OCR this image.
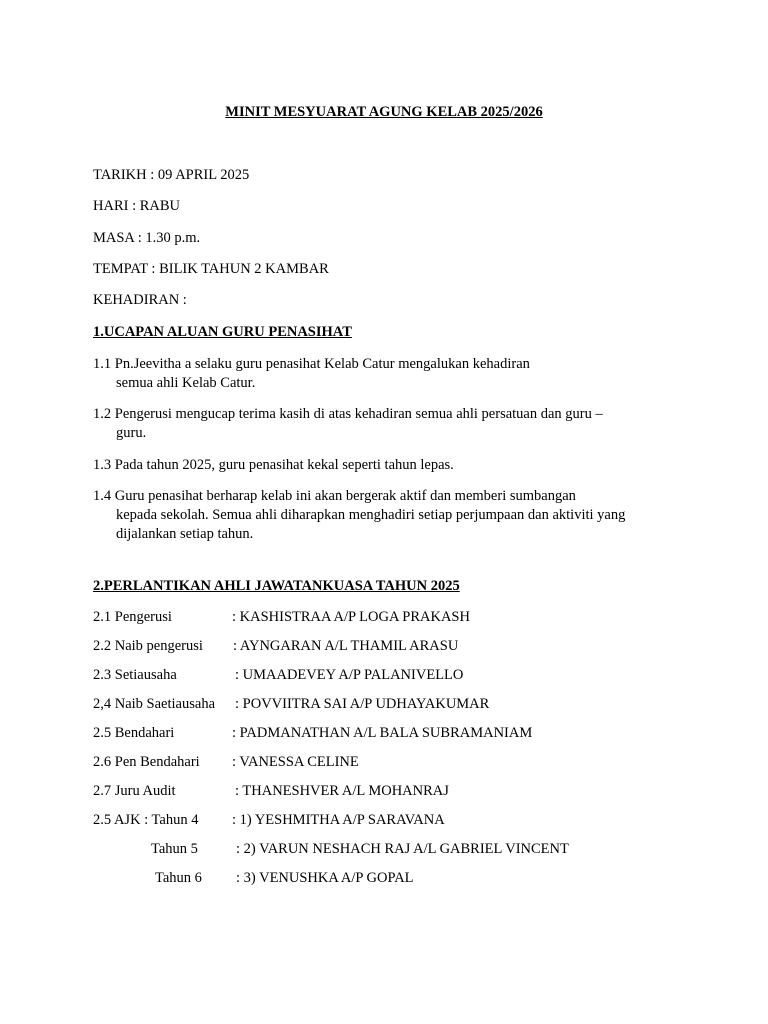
MINIT MESYUARAT AGUNG KELAB 2025/2026
TARIKH : 09 APRIL 2025
HARI : RABU
MASA : 1.30 p.m.
TEMPAT : BILIK TAHUN 2 KAMBAR
KEHADIRAN :
1.UCAPAN ALUAN GURU PENASIHAT
1.1 Pn.Jeevitha a selaku guru penasihat Kelab Catur mengalukan kehadiran
semua ahli Kelab Catur.
1.2 Pengerusi mengucap terima kasih di atas kehadiran semua ahli persatuan dan guru –
guru.
1.3 Pada tahun 2025, guru penasihat kekal seperti tahun lepas.
1.4 Guru penasihat berharap kelab ini akan bergerak aktif dan memberi sumbangan
kepada sekolah. Semua ahli diharapkan menghadiri setiap perjumpaan dan aktiviti yang
dijalankan setiap tahun.
2.PERLANTIKAN AHLI JAWATANKUASA TAHUN 2025
2.1 Pengerusi	: KASHISTRAA A/P LOGA PRAKASH
2.2 Naib pengerusi : AYNGARAN A/L THAMIL ARASU
2.3 Setiausaha	: UMAADEVEY A/P PALANIVELLO
2,4 Naib Saetiausaha : POVVIITRA SAI A/P UDHAYAKUMAR
2.5 Bendahari	: PADMANATHAN A/L BALA SUBRAMANIAM
2.6 Pen Bendahari : VANESSA CELINE
2.7 Juru Audit	: THANESHVER A/L MOHANRAJ
2.5 AJK : Tahun 4 : 1) YESHMITHA A/P SARAVANA
Tahun 5	: 2) VARUN NESHACH RAJ A/L GABRIEL VINCENT
Tahun 6 : 3) VENUSHKA A/P GOPAL
